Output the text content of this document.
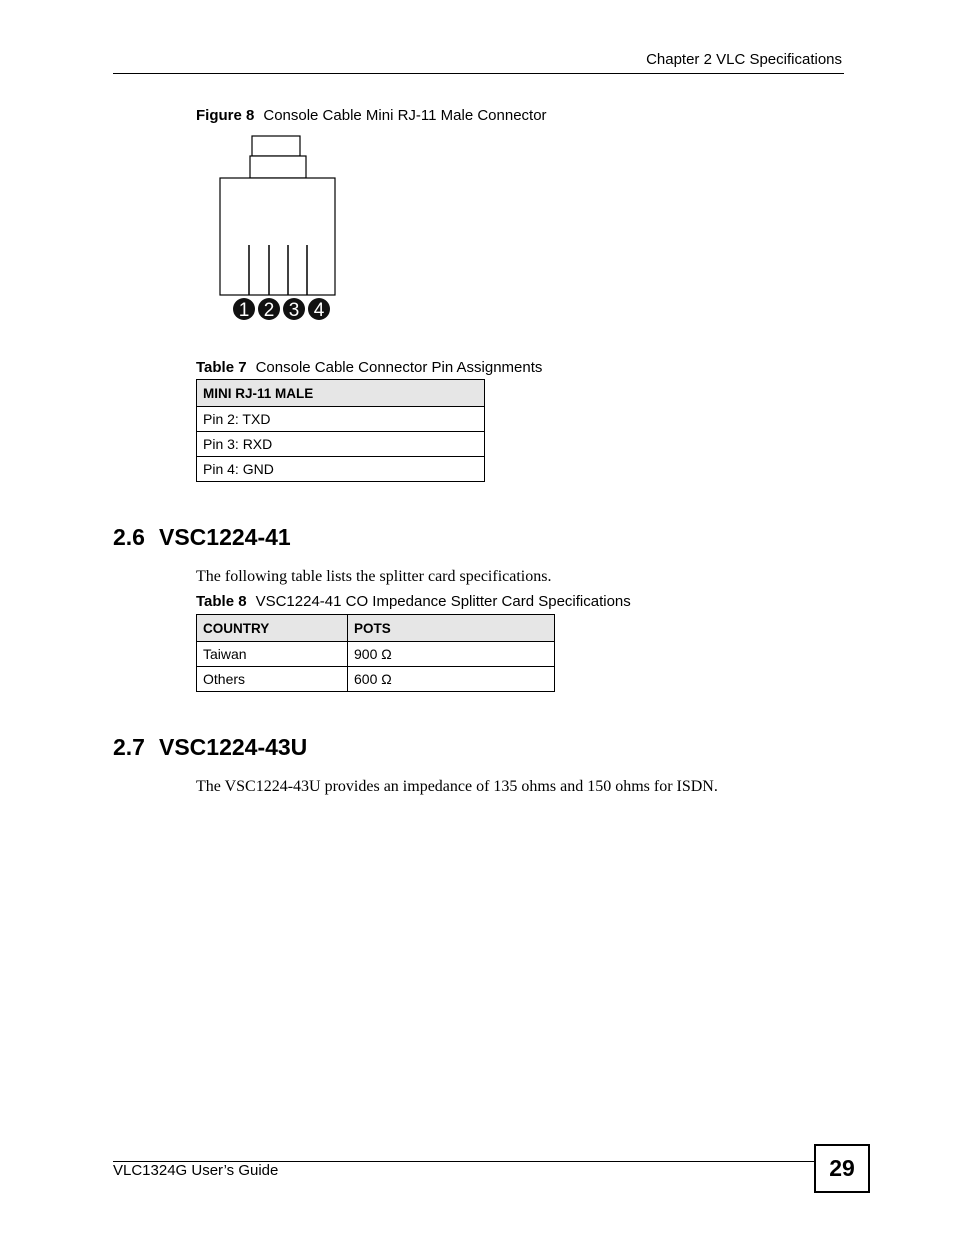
Chapter 2 VLC Specifications
Figure 8 Console Cable Mini RJ-11 Male Connector
1 2 3 4
Table 7 Console Cable Connector Pin Assignments
MINI RJ-11 MALE
Pin 2: TXD
Pin 3: RXD
Pin 4: GND
2.6 VSC1224-41
The following table lists the splitter card specifications.
Table 8 VSC1224-41 CO Impedance Splitter Card Specifications
COUNTRY	POTS
Taiwan	900 Ω
Others	600 Ω
2.7 VSC1224-43U
The VSC1224-43U provides an impedance of 135 ohms and 150 ohms for ISDN.
VLC1324G User’s Guide	29
